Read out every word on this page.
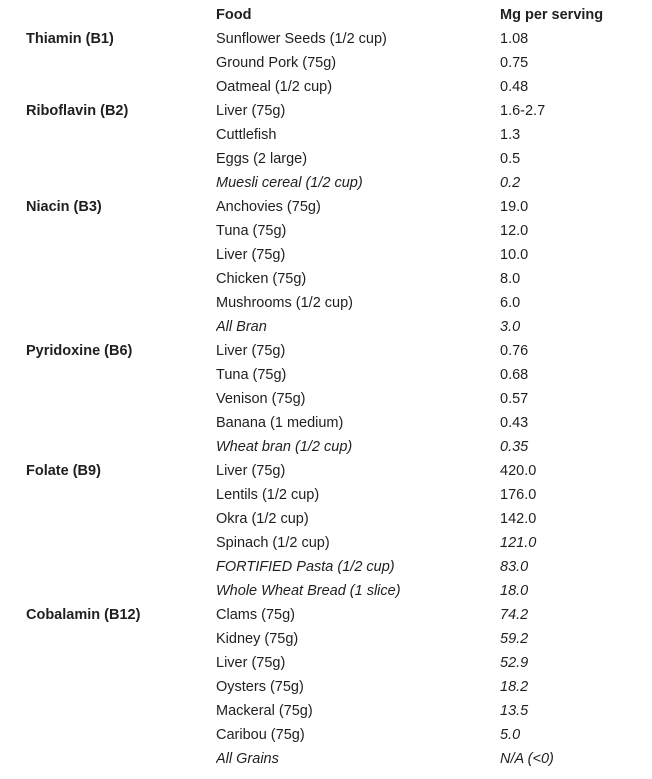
		Food	Mg per serving
	Thiamin (B1)	Sunflower Seeds (1/2 cup)	1.08
		Ground Pork (75g)	0.75
		Oatmeal (1/2 cup)	0.48
	Riboflavin (B2)	Liver (75g)	1.6-2.7
		Cuttlefish	1.3
		Eggs (2 large)	0.5
		Muesli cereal (1/2 cup)	0.2
	Niacin (B3)	Anchovies (75g)	19.0
		Tuna (75g)	12.0
		Liver (75g)	10.0
		Chicken (75g)	8.0
		Mushrooms (1/2 cup)	6.0
		All Bran	3.0
	Pyridoxine (B6)	Liver (75g)	0.76
		Tuna (75g)	0.68
		Venison (75g)	0.57
		Banana (1 medium)	0.43
		Wheat bran (1/2 cup)	0.35
	Folate (B9)	Liver (75g)	420.0
		Lentils (1/2 cup)	176.0
		Okra (1/2 cup)	142.0
		Spinach (1/2 cup)	121.0
		FORTIFIED Pasta (1/2 cup)	83.0
		Whole Wheat Bread (1 slice)	18.0
	Cobalamin (B12)	Clams (75g)	74.2
		Kidney (75g)	59.2
		Liver (75g)	52.9
		Oysters (75g)	18.2
		Mackeral (75g)	13.5
		Caribou (75g)	5.0
		All Grains	N/A (<0)
